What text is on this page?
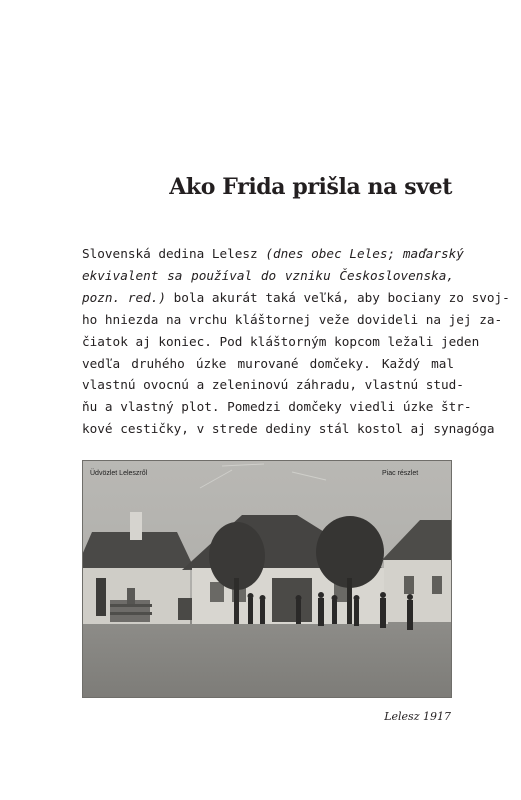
Ako Frida prišla na svet
Slovenská dedina Lelesz (dnes obec Leles; maďarský
ekvivalent sa používal do vzniku Československa,
pozn. red.) bola akurát taká veľká, aby bociany zo svoj-
ho hniezda na vrchu kláštornej veže dovideli na jej za-
čiatok aj koniec. Pod kláštorným kopcom ležali jeden
vedľa druhého úzke murované domčeky. Každý mal
vlastnú ovocnú a zeleninovú záhradu, vlastnú stud-
ňu a vlastný plot. Pomedzi domčeky viedli úzke štr-
kové cestičky, v strede dediny stál kostol aj synagóga
Üdvözlet Leleszről	Piac részlet

Lelesz 1917
